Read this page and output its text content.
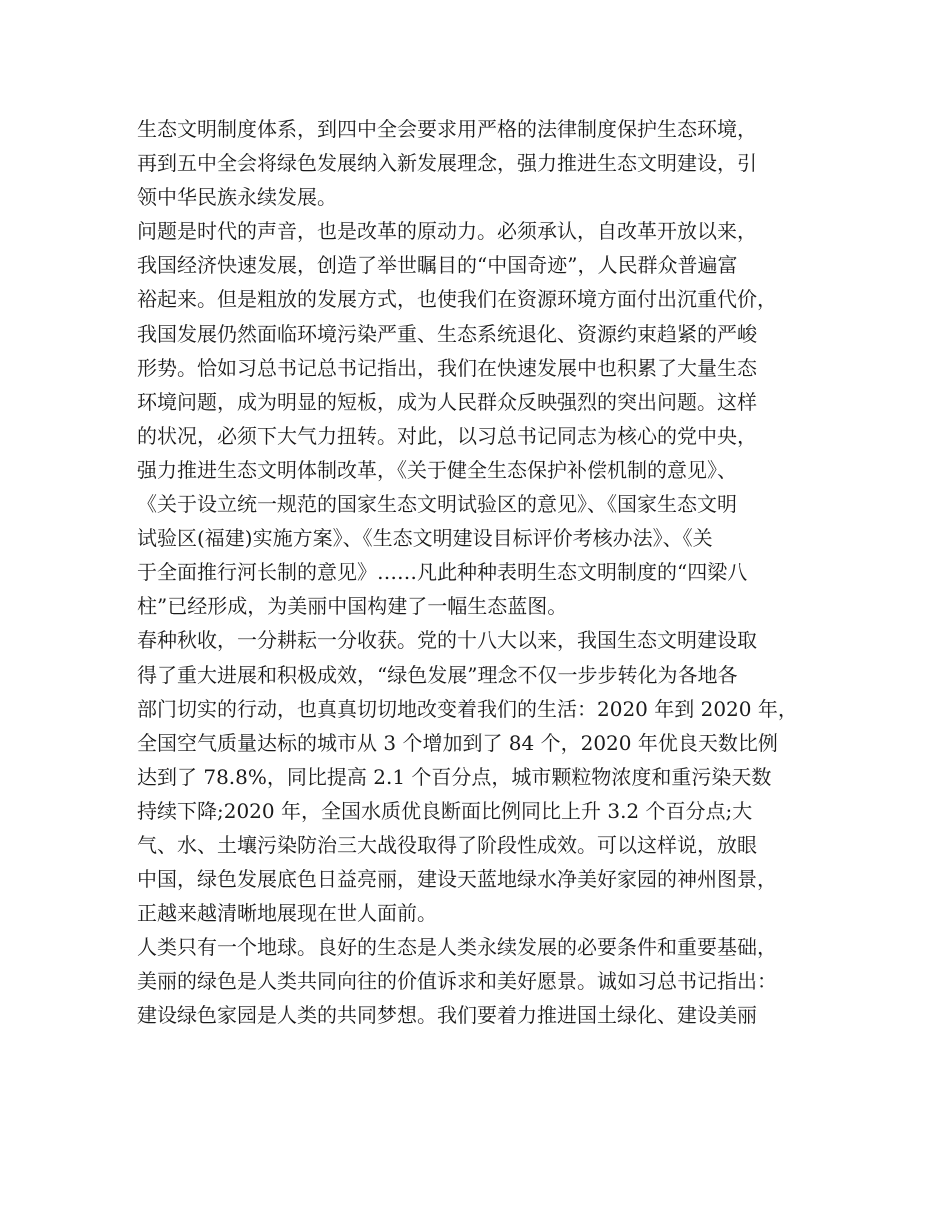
生态文明制度体系，到四中全会要求用严格的法律制度保护生态环境，
再到五中全会将绿色发展纳入新发展理念，强力推进生态文明建设，引
领中华民族永续发展。
问题是时代的声音，也是改革的原动力。必须承认，自改革开放以来，
我国经济快速发展，创造了举世瞩目的“中国奇迹”，人民群众普遍富
裕起来。但是粗放的发展方式，也使我们在资源环境方面付出沉重代价，
我国发展仍然面临环境污染严重、生态系统退化、资源约束趋紧的严峻
形势。恰如习总书记总书记指出，我们在快速发展中也积累了大量生态
环境问题，成为明显的短板，成为人民群众反映强烈的突出问题。这样
的状况，必须下大气力扭转。对此，以习总书记同志为核心的党中央，
强力推进生态文明体制改革，《关于健全生态保护补偿机制的意见》、
《关于设立统一规范的国家生态文明试验区的意见》、《国家生态文明
试验区(福建)实施方案》、《生态文明建设目标评价考核办法》、《关
于全面推行河长制的意见》……凡此种种表明生态文明制度的“四梁八
柱”已经形成，为美丽中国构建了一幅生态蓝图。
春种秋收，一分耕耘一分收获。党的十八大以来，我国生态文明建设取
得了重大进展和积极成效，“绿色发展”理念不仅一步步转化为各地各
部门切实的行动，也真真切切地改变着我们的生活：2020 年到 2020 年，
全国空气质量达标的城市从 3 个增加到了 84 个，2020 年优良天数比例
达到了 78.8%，同比提高 2.1 个百分点，城市颗粒物浓度和重污染天数
持续下降;2020 年，全国水质优良断面比例同比上升 3.2 个百分点;大
气、水、土壤污染防治三大战役取得了阶段性成效。可以这样说，放眼
中国，绿色发展底色日益亮丽，建设天蓝地绿水净美好家园的神州图景，
正越来越清晰地展现在世人面前。
人类只有一个地球。良好的生态是人类永续发展的必要条件和重要基础，
美丽的绿色是人类共同向往的价值诉求和美好愿景。诚如习总书记指出：
建设绿色家园是人类的共同梦想。我们要着力推进国土绿化、建设美丽
